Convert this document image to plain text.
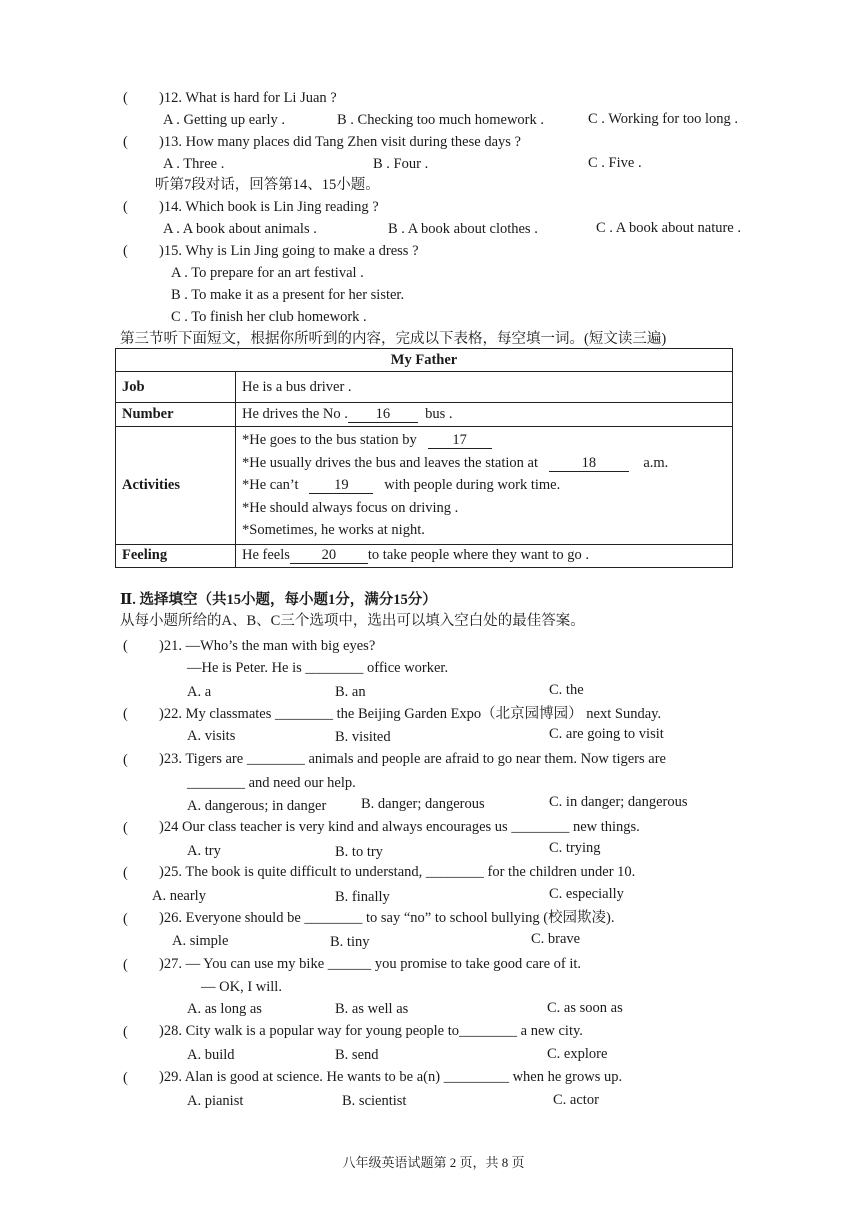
( )12. What is hard for Li Juan ?
A . Getting up early .	B . Checking too much homework .	C . Working for too long .
( )13. How many places did Tang Zhen visit during these days ?
A . Three .	B . Four .	C . Five .
听第7段对话，回答第14、15小题。
( )14. Which book is Lin Jing reading ?
A . A book about animals .	B . A book about clothes .	C . A book about nature .
( )15. Why is Lin Jing going to make a dress ?
A . To prepare for an art festival .
B . To make it as a present for her sister.
C . To finish her club homework .
第三节听下面短文，根据你所听到的内容，完成以下表格，每空填一词。(短文读三遍)
My Father	
Job	He is a bus driver .
Number	He drives the No . 16 bus .
Activities	*He goes to the bus station by 17
*He usually drives the bus and leaves the station at 18 a.m.
*He can’t 19 with people during work time.
*He should always focus on driving .
*Sometimes, he works at night.

Feeling	He feels 20 to take people where they want to go .
Ⅱ. 选择填空（共15小题，每小题1分，满分15分）
从每小题所给的A、B、C三个选项中，选出可以填入空白处的最佳答案。
( )21. —Who’s the man with big eyes?
—He is Peter. He is ________ office worker.
A. a	B. an	C. the
( )22. My classmates ________ the Beijing Garden Expo（北京园博园） next Sunday.
A. visits	B. visited	C. are going to visit
( )23. Tigers are ________ animals and people are afraid to go near them. Now tigers are
________ and need our help.
A. dangerous; in danger B. danger; dangerous	C. in danger; dangerous
( )24 Our class teacher is very kind and always encourages us ________ new things.
A. try	B. to try	C. trying
( )25. The book is quite difficult to understand, ________ for the children under 10.
A. nearly	B. finally	C. especially
( )26. Everyone should be ________ to say “no” to school bullying (校园欺凌).
A. simple	B. tiny	C. brave
( )27. — You can use my bike ______ you promise to take good care of it.
— OK, I will.
A. as long as	B. as well as	C. as soon as
( )28. City walk is a popular way for young people to________ a new city.
A. build	B. send	C. explore
( )29. Alan is good at science. He wants to be a(n) _________ when he grows up.
A. pianist	B. scientist	C. actor
八年级英语试题第 2 页，共 8 页
